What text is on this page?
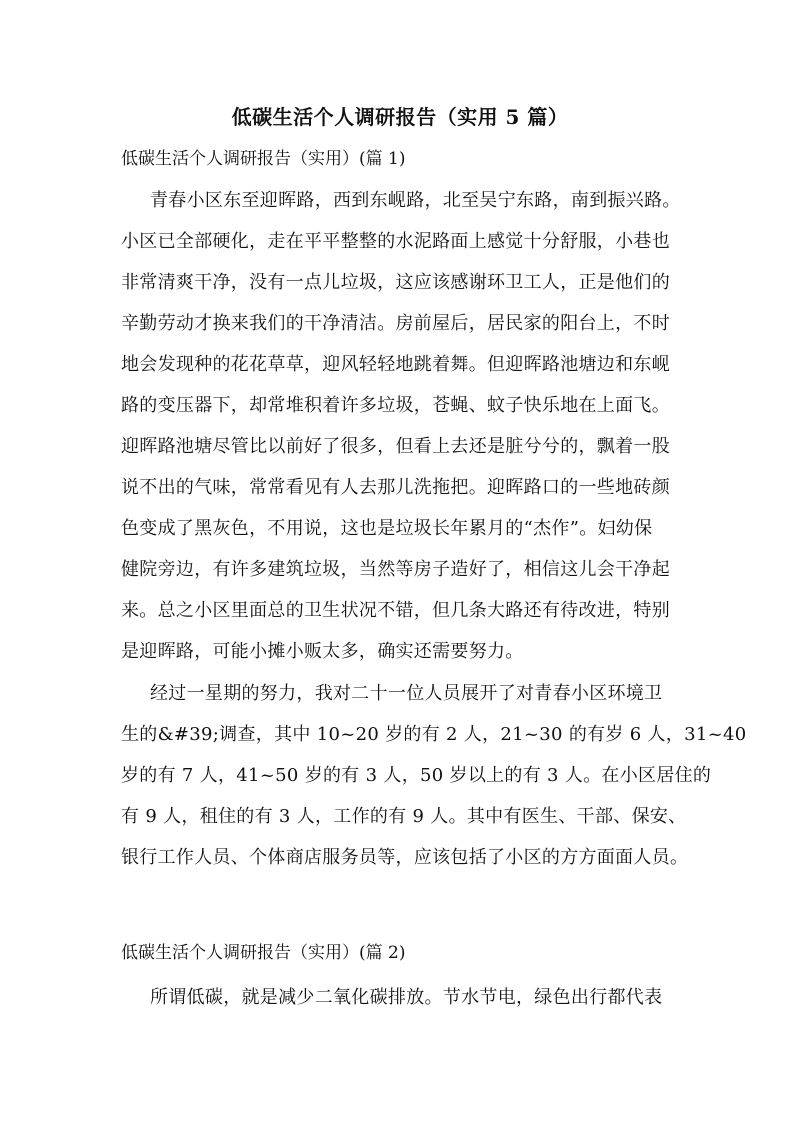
低碳生活个人调研报告（实用 5 篇）
低碳生活个人调研报告（实用）(篇 1)
青春小区东至迎晖路，西到东岘路，北至吴宁东路，南到振兴路。
小区已全部硬化，走在平平整整的水泥路面上感觉十分舒服，小巷也
非常清爽干净，没有一点儿垃圾，这应该感谢环卫工人，正是他们的
辛勤劳动才换来我们的干净清洁。房前屋后，居民家的阳台上，不时
地会发现种的花花草草，迎风轻轻地跳着舞。但迎晖路池塘边和东岘
路的变压器下，却常堆积着许多垃圾，苍蝇、蚊子快乐地在上面飞。
迎晖路池塘尽管比以前好了很多，但看上去还是脏兮兮的，飘着一股
说不出的气味，常常看见有人去那儿洗拖把。迎晖路口的一些地砖颜
色变成了黑灰色，不用说，这也是垃圾长年累月的“杰作”。妇幼保
健院旁边，有许多建筑垃圾，当然等房子造好了，相信这儿会干净起
来。总之小区里面总的卫生状况不错，但几条大路还有待改进，特别
是迎晖路，可能小摊小贩太多，确实还需要努力。
经过一星期的努力，我对二十一位人员展开了对青春小区环境卫
生的&#39;调查，其中 10~20 岁的有 2 人，21~30 的有岁 6 人，31~40
岁的有 7 人，41~50 岁的有 3 人，50 岁以上的有 3 人。在小区居住的
有 9 人，租住的有 3 人，工作的有 9 人。其中有医生、干部、保安、
银行工作人员、个体商店服务员等，应该包括了小区的方方面面人员。
低碳生活个人调研报告（实用）(篇 2)
所谓低碳，就是减少二氧化碳排放。节水节电，绿色出行都代表
